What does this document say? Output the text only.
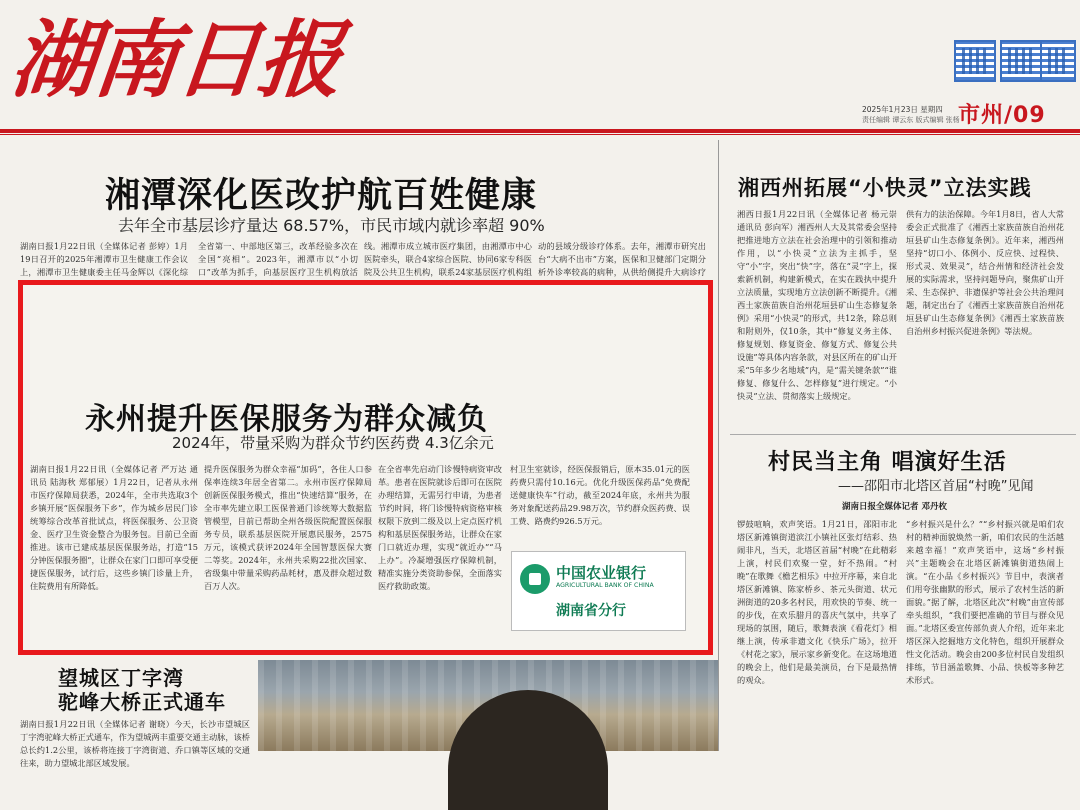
湖南日报
2025年1月23日 星期四
责任编辑 谭云东 版式编辑 张杨
市州/09
湘潭深化医改护航百姓健康
去年全市基层诊疗量达 68.57%，市民市域内就诊率超 90%
湖南日报1月22日讯（全媒体记者 彭婷）1月19日召开的2025年湘潭市卫生健康工作会议上，湘潭市卫生健康委主任马金辉以《深化综
全省第一、中部地区第三，改革经验多次在全国“亮相”。2023年，湘潭市以“小切口”改革为抓手，向基层医疗卫生机构放活
线。湘潭市成立城市医疗集团，由湘潭市中心医院牵头，联合4家综合医院、协同6家专科医院及公共卫生机构，联系24家基层医疗机构组
动的县域分级诊疗体系。去年，湘潭市研究出台“大病不出市”方案，医保和卫健部门定期分析外诊率较高的病种，从供给侧提升大病诊疗
湘西州拓展“小快灵”立法实践
湘西日报1月22日讯（全媒体记者 杨元崇 通讯员 彭向军）湘西州人大及其常委会坚持把推进地方立法在社会治理中的引领和推动作用，以“小快灵”立法为主抓手，坚守“小”字，突出“快”字，落在“灵”字上，探索新机制，构建新模式，在实在践执中提升立法质量，实现地方立法创新不断提升。《湘西土家族苗族自治州花垣县矿山生态修复条例》采用“小快灵”的形式，共12条，除总则和附则外，仅10条，其中“修复义务主体、修复规划、修复资金、修复方式、修复公共设施”等具体内容条款，对县区所在的矿山开采“5年多少名地域”内，是“需关键条款”“谁修复、修复什么、怎样修复”进行规定。“小快灵”立法、贯彻落实上级规定。
供有力的法治保障。今年1月8日，省人大常委会正式批准了《湘西土家族苗族自治州花垣县矿山生态修复条例》。近年来，湘西州坚持“切口小、体例小、反应快、过程快、形式灵、效果灵”，结合州情和经济社会发展的实际需求，坚持问题导向，聚焦矿山开采、生态保护、非遗保护等社会公共治理问题，制定出台了《湘西土家族苗族自治州花垣县矿山生态修复条例》《湘西土家族苗族自治州乡村振兴促进条例》等法规。
永州提升医保服务为群众减负
2024年，带量采购为群众节约医药费 4.3亿余元
湖南日报1月22日讯（全媒体记者 严万达 通讯员 陆海秋 郑郁展）1月22日，记者从永州市医疗保障局获悉，2024年，全市共选取3个乡镇开展“医保服务下乡”，作为城乡居民门诊统筹综合改革首批试点，将医保服务、公卫资金、医疗卫生资金整合为服务包。目前已全面推进。该市已建成基层医保服务站，打造“15分钟医保服务圈”，让群众在家门口即可享受便捷医保服务，试行后，这些乡镇门诊量上升，住院费用有所降低。
提升医保服务为群众幸福“加码”，各住人口参保率连续3年居全省第二。永州市医疗保障局创新医保服务模式，推出“快速结算”服务，在全市率先建立职工医保普通门诊统筹大数据监管模型，目前已帮助全州各级医院配置医保服务专员，联系基层医院开展惠民服务，2575万元，该模式获评2024年全国智慧医保大赛二等奖。2024年，永州共采购22批次国家、省级集中带量采购药品耗材，惠及群众超过数百万人次。
在全省率先启动门诊慢特病资审改革。患者在医院就诊后即可在医院办理结算，无需另行申请，为患者节约时间，将门诊慢特病资格审核权限下放到二级及以上定点医疗机构和基层医保服务站，让群众在家门口就近办理，实现“就近办”“马上办”。冷凝增强医疗保障机制，精准实施分类资助参保，全面落实医疗救助政策。
村卫生室就诊，经医保报销后，原本35.01元的医药费只需付10.16元。优化升级医保药品“免费配送健康快车”行动，截至2024年底，永州共为服务对象配送药品29.98万次，节约群众医药费、误工费、路费约926.5万元。
中国农业银行
AGRICULTURAL BANK OF CHINA
湖南省分行
村民当主角 唱演好生活
——邵阳市北塔区首届“村晚”见闻
湖南日报全媒体记者 邓丹枚
锣鼓喧响，欢声笑语。1月21日，邵阳市北塔区新滩镇街道滨江小镇社区张灯结彩、热闹非凡，当天，北塔区首届“村晚”在此精彩上演，村民们欢聚一堂，好不热闹。“村晚”在歌舞《檐艺相乐》中拉开序幕，来自北塔区新滩镇、陈家桥乡、茶元头街道、状元洲街道的20多名村民，用欢快的节奏、统一的步伐，在欢乐腊月的喜庆气氛中，共享了现场的氛围，随后，歌舞表演《看花灯》相继上演，传承非遗文化《快乐广场》，拉开《村花之家》，展示家乡新变化。在这场地道的晚会上，他们是最美演员，台下是最热情的观众。
“乡村振兴是什么？”“乡村振兴就是咱们农村的精神面貌焕然一新，咱们农民的生活越来越幸福！”欢声笑语中，这场“乡村振兴”主题晚会在北塔区新滩镇街道热闹上演。“在小品《乡村振兴》节目中，表演者们用夸张幽默的形式，展示了农村生活的新面貌。”据了解，北塔区此次“村晚”由宣传部牵头组织，“我们要把准确的节目与群众见面。”北塔区委宣传部负责人介绍，近年来北塔区深入挖掘地方文化特色，组织开展群众性文化活动。晚会由200多位村民自发组织排练，节目涵盖歌舞、小品、快板等多种艺术形式。
望城区丁字湾
驼峰大桥正式通车
湖南日报1月22日讯（全媒体记者 谢晓）今天，长沙市望城区丁字湾驼峰大桥正式通车，作为望城两丰重要交通主动脉，该桥总长约1.2公里，该桥将连接丁字湾街道、乔口镇等区域的交通往来，助力望城北部区域发展。
